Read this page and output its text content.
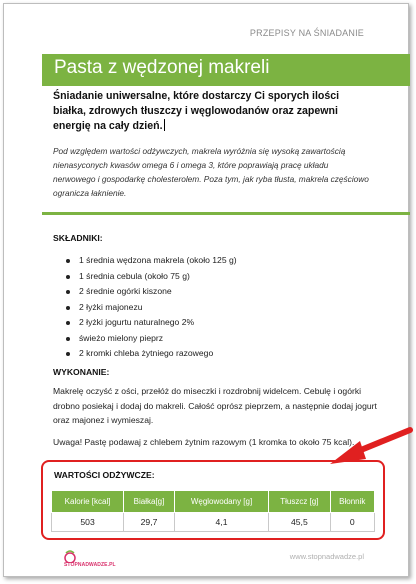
PRZEPISY NA ŚNIADANIE
Pasta z wędzonej makreli
Śniadanie uniwersalne, które dostarczy Ci sporych ilości białka, zdrowych tłuszczy i węglowodanów oraz zapewni energię na cały dzień.
Pod względem wartości odżywczych, makrela wyróżnia się wysoką zawartością nienasyconych kwasów omega 6 i omega 3, które poprawiają pracę układu nerwowego i gospodarkę cholesterolem. Poza tym, jak ryba tłusta, makrela częściowo ogranicza łaknienie.
SKŁADNIKI:
1 średnia wędzona makrela (około 125 g)
1 średnia cebula (około 75 g)
2 średnie ogórki kiszone
2 łyżki majonezu
2 łyżki jogurtu naturalnego 2%
świeżo mielony pieprz
2 kromki chleba żytniego razowego
WYKONANIE:
Makrelę oczyść z ości, przełóż do miseczki i rozdrobnij widelcem. Cebulę i ogórki drobno posiekaj i dodaj do makreli. Całość oprósz pieprzem, a następnie dodaj jogurt oraz majonez i wymieszaj.
Uwaga! Pastę podawaj z chlebem żytnim razowym (1 kromka to około 75 kcal).
WARTOŚCI ODŻYWCZE:
Kalorie [kcal]	Białka[g]	Węglowodany [g]	Tłuszcz [g]	Błonnik
503	29,7	4,1	45,5	0
STOPNADWADZE.PL
www.stopnadwadze.pl
